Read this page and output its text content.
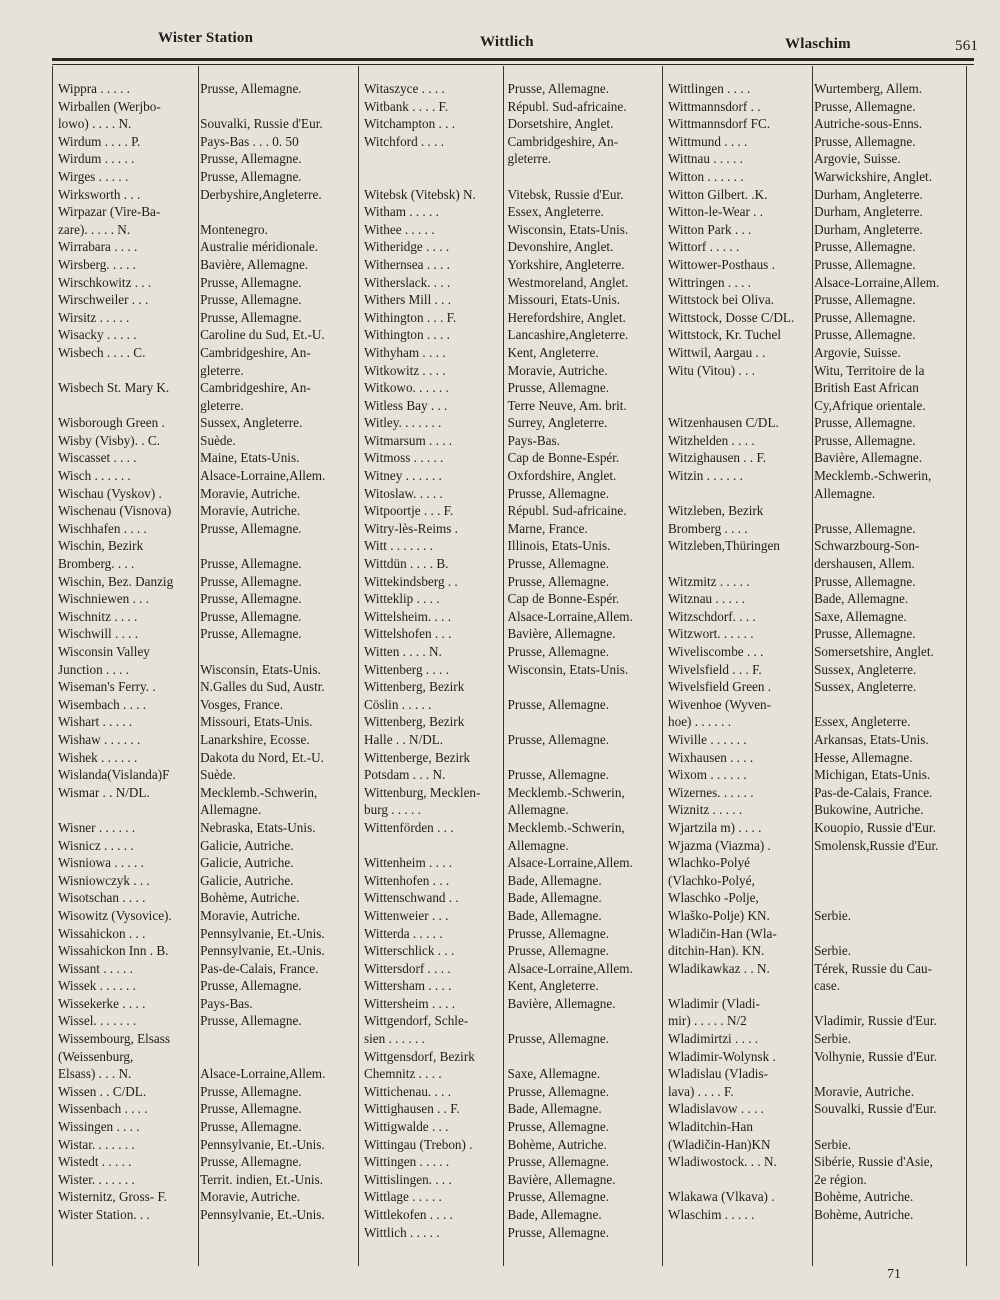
Wister Station	Wittlich	Wlaschim	561
Wippra . . . . .	Prusse, Allemagne.
Wirballen (Werjbo-
lowo) . . . . N.	Souvalki, Russie d'Eur.
Wirdum . . . . P.	Pays-Bas . . . 0. 50
Wirdum . . . . .	Prusse, Allemagne.
Wirges . . . . .	Prusse, Allemagne.
Wirksworth . . .	Derbyshire,Angleterre.
Wirpazar (Vire-Ba-
zare). . . . . N.	Montenegro.
Wirrabara . . . .	Australie méridionale.
Wirsberg. . . . .	Bavière, Allemagne.
Wirschkowitz . . .	Prusse, Allemagne.
Wirschweiler . . .	Prusse, Allemagne.
Wirsitz . . . . .	Prusse, Allemagne.
Wisacky . . . . .	Caroline du Sud, Et.-U.
Wisbech . . . . C.	Cambridgeshire, An-
gleterre.
Wisbech St. Mary K.	Cambridgeshire, An-
gleterre.
Wisborough Green .	Sussex, Angleterre.
Wisby (Visby). . C.	Suède.
Wiscasset . . . .	Maine, Etats-Unis.
Wisch . . . . . .	Alsace-Lorraine,Allem.
Wischau (Vyskov) .	Moravie, Autriche.
Wischenau (Visnova)	Moravie, Autriche.
Wischhafen . . . .	Prusse, Allemagne.
Wischin, Bezirk
Bromberg. . . .	Prusse, Allemagne.
Wischin, Bez. Danzig	Prusse, Allemagne.
Wischniewen . . .	Prusse, Allemagne.
Wischnitz . . . .	Prusse, Allemagne.
Wischwill . . . .	Prusse, Allemagne.
Wisconsin Valley
Junction . . . .	Wisconsin, Etats-Unis.
Wiseman's Ferry. .	N.Galles du Sud, Austr.
Wisembach . . . .	Vosges, France.
Wishart . . . . .	Missouri, Etats-Unis.
Wishaw . . . . . .	Lanarkshire, Ecosse.
Wishek . . . . . .	Dakota du Nord, Et.-U.
Wislanda(Vislanda)F	Suède.
Wismar . . N/DL.	Mecklemb.-Schwerin,
Allemagne.
Wisner . . . . . .	Nebraska, Etats-Unis.
Wisnicz . . . . .	Galicie, Autriche.
Wisniowa . . . . .	Galicie, Autriche.
Wisniowczyk . . .	Galicie, Autriche.
Wisotschan . . . .	Bohème, Autriche.
Wisowitz (Vysovice).	Moravie, Autriche.
Wissahickon . . .	Pennsylvanie, Et.-Unis.
Wissahickon Inn . B.	Pennsylvanie, Et.-Unis.
Wissant . . . . .	Pas-de-Calais, France.
Wissek . . . . . .	Prusse, Allemagne.
Wissekerke . . . .	Pays-Bas.
Wissel. . . . . . .	Prusse, Allemagne.
Wissembourg, Elsass
(Weissenburg,
Elsass) . . . N.	Alsace-Lorraine,Allem.
Wissen . . C/DL.	Prusse, Allemagne.
Wissenbach . . . .	Prusse, Allemagne.
Wissingen . . . .	Prusse, Allemagne.
Wistar. . . . . . .	Pennsylvanie, Et.-Unis.
Wistedt . . . . .	Prusse, Allemagne.
Wister. . . . . . .	Territ. indien, Et.-Unis.
Wisternitz, Gross- F.	Moravie, Autriche.
Wister Station. . .	Pennsylvanie, Et.-Unis.
Witaszyce . . . .	Prusse, Allemagne.
Witbank . . . . F.	Républ. Sud-africaine.
Witchampton . . .	Dorsetshire, Anglet.
Witchford . . . .	Cambridgeshire, An-
gleterre.
Witebsk (Vitebsk) N.	Vitebsk, Russie d'Eur.
Witham . . . . .	Essex, Angleterre.
Withee . . . . .	Wisconsin, Etats-Unis.
Witheridge . . . .	Devonshire, Anglet.
Withernsea . . . .	Yorkshire, Angleterre.
Witherslack. . . .	Westmoreland, Anglet.
Withers Mill . . .	Missouri, Etats-Unis.
Withington . . . F.	Herefordshire, Anglet.
Withington . . . .	Lancashire,Angleterre.
Withyham . . . .	Kent, Angleterre.
Witkowitz . . . .	Moravie, Autriche.
Witkowo. . . . . .	Prusse, Allemagne.
Witless Bay . . .	Terre Neuve, Am. brit.
Witley. . . . . . .	Surrey, Angleterre.
Witmarsum . . . .	Pays-Bas.
Witmoss . . . . .	Cap de Bonne-Espér.
Witney . . . . . .	Oxfordshire, Anglet.
Witoslaw. . . . .	Prusse, Allemagne.
Witpoortje . . . F.	Républ. Sud-africaine.
Witry-lès-Reims .	Marne, France.
Witt . . . . . . .	Illinois, Etats-Unis.
Wittdün . . . . B.	Prusse, Allemagne.
Wittekindsberg . .	Prusse, Allemagne.
Witteklip . . . .	Cap de Bonne-Espér.
Wittelsheim. . . .	Alsace-Lorraine,Allem.
Wittelshofen . . .	Bavière, Allemagne.
Witten . . . . N.	Prusse, Allemagne.
Wittenberg . . . .	Wisconsin, Etats-Unis.
Wittenberg, Bezirk
Cöslin . . . . .	Prusse, Allemagne.
Wittenberg, Bezirk
Halle . . N/DL.	Prusse, Allemagne.
Wittenberge, Bezirk
Potsdam . . . N.	Prusse, Allemagne.
Wittenburg, Mecklen-	Mecklemb.-Schwerin,
burg . . . . .	Allemagne.
Wittenförden . . .	Mecklemb.-Schwerin,
Allemagne.
Wittenheim . . . .	Alsace-Lorraine,Allem.
Wittenhofen . . .	Bade, Allemagne.
Wittenschwand . .	Bade, Allemagne.
Wittenweier . . .	Bade, Allemagne.
Witterda . . . . .	Prusse, Allemagne.
Witterschlick . . .	Prusse, Allemagne.
Wittersdorf . . . .	Alsace-Lorraine,Allem.
Wittersham . . . .	Kent, Angleterre.
Wittersheim . . . .	Bavière, Allemagne.
Wittgendorf, Schle-
sien . . . . . .	Prusse, Allemagne.
Wittgensdorf, Bezirk
Chemnitz . . . .	Saxe, Allemagne.
Wittichenau. . . .	Prusse, Allemagne.
Wittighausen . . F.	Bade, Allemagne.
Wittigwalde . . .	Prusse, Allemagne.
Wittingau (Trebon) .	Bohème, Autriche.
Wittingen . . . . .	Prusse, Allemagne.
Wittislingen. . . .	Bavière, Allemagne.
Wittlage . . . . .	Prusse, Allemagne.
Wittlekofen . . . .	Bade, Allemagne.
Wittlich . . . . .	Prusse, Allemagne.
Wittlingen . . . .	Wurtemberg, Allem.
Wittmannsdorf . .	Prusse, Allemagne.
Wittmannsdorf FC.	Autriche-sous-Enns.
Wittmund . . . .	Prusse, Allemagne.
Wittnau . . . . .	Argovie, Suisse.
Witton . . . . . .	Warwickshire, Anglet.
Witton Gilbert. .K.	Durham, Angleterre.
Witton-le-Wear . .	Durham, Angleterre.
Witton Park . . .	Durham, Angleterre.
Wittorf . . . . .	Prusse, Allemagne.
Wittower-Posthaus .	Prusse, Allemagne.
Wittringen . . . .	Alsace-Lorraine,Allem.
Wittstock bei Oliva.	Prusse, Allemagne.
Wittstock, Dosse C/DL.	Prusse, Allemagne.
Wittstock, Kr. Tuchel	Prusse, Allemagne.
Wittwil, Aargau . .	Argovie, Suisse.
Witu (Vitou) . . .	Witu, Territoire de la
British East African
Cy,Afrique orientale.
Witzenhausen C/DL.	Prusse, Allemagne.
Witzhelden . . . .	Prusse, Allemagne.
Witzighausen . . F.	Bavière, Allemagne.
Witzin . . . . . .	Mecklemb.-Schwerin,
Allemagne.
Witzleben, Bezirk
Bromberg . . . .	Prusse, Allemagne.
Witzleben,Thüringen	Schwarzbourg-Son-
dershausen, Allem.
Witzmitz . . . . .	Prusse, Allemagne.
Witznau . . . . .	Bade, Allemagne.
Witzschdorf. . . .	Saxe, Allemagne.
Witzwort. . . . . .	Prusse, Allemagne.
Wiveliscombe . . .	Somersetshire, Anglet.
Wivelsfield . . . F.	Sussex, Angleterre.
Wivelsfield Green .	Sussex, Angleterre.
Wivenhoe (Wyven-
hoe) . . . . . .	Essex, Angleterre.
Wiville . . . . . .	Arkansas, Etats-Unis.
Wixhausen . . . .	Hesse, Allemagne.
Wixom . . . . . .	Michigan, Etats-Unis.
Wizernes. . . . . .	Pas-de-Calais, France.
Wiznitz . . . . .	Bukowine, Autriche.
Wjartzila m) . . . .	Kouopio, Russie d'Eur.
Wjazma (Viazma) .	Smolensk,Russie d'Eur.
Wlachko-Polyé
(Vlachko-Polyé,
Wlaschko -Polje,
Wlaško-Polje) KN.	Serbie.
Wladičin-Han (Wla-
ditchin-Han). KN.	Serbie.
Wladikawkaz . . N.	Térek, Russie du Cau-
case.
Wladimir (Vladi-
mir) . . . . . N/2	Vladimir, Russie d'Eur.
Wladimirtzi . . . .	Serbie.
Wladimir-Wolynsk .	Volhynie, Russie d'Eur.
Wladislau (Vladis-
lava) . . . . F.	Moravie, Autriche.
Wladislavow . . . .	Souvalki, Russie d'Eur.
Wladitchin-Han
(Wladičin-Han)KN	Serbie.
Wladiwostock. . . N.	Sibérie, Russie d'Asie,
2e région.
Wlakawa (Vlkava) .	Bohème, Autriche.
Wlaschim . . . . .	Bohème, Autriche.
71
